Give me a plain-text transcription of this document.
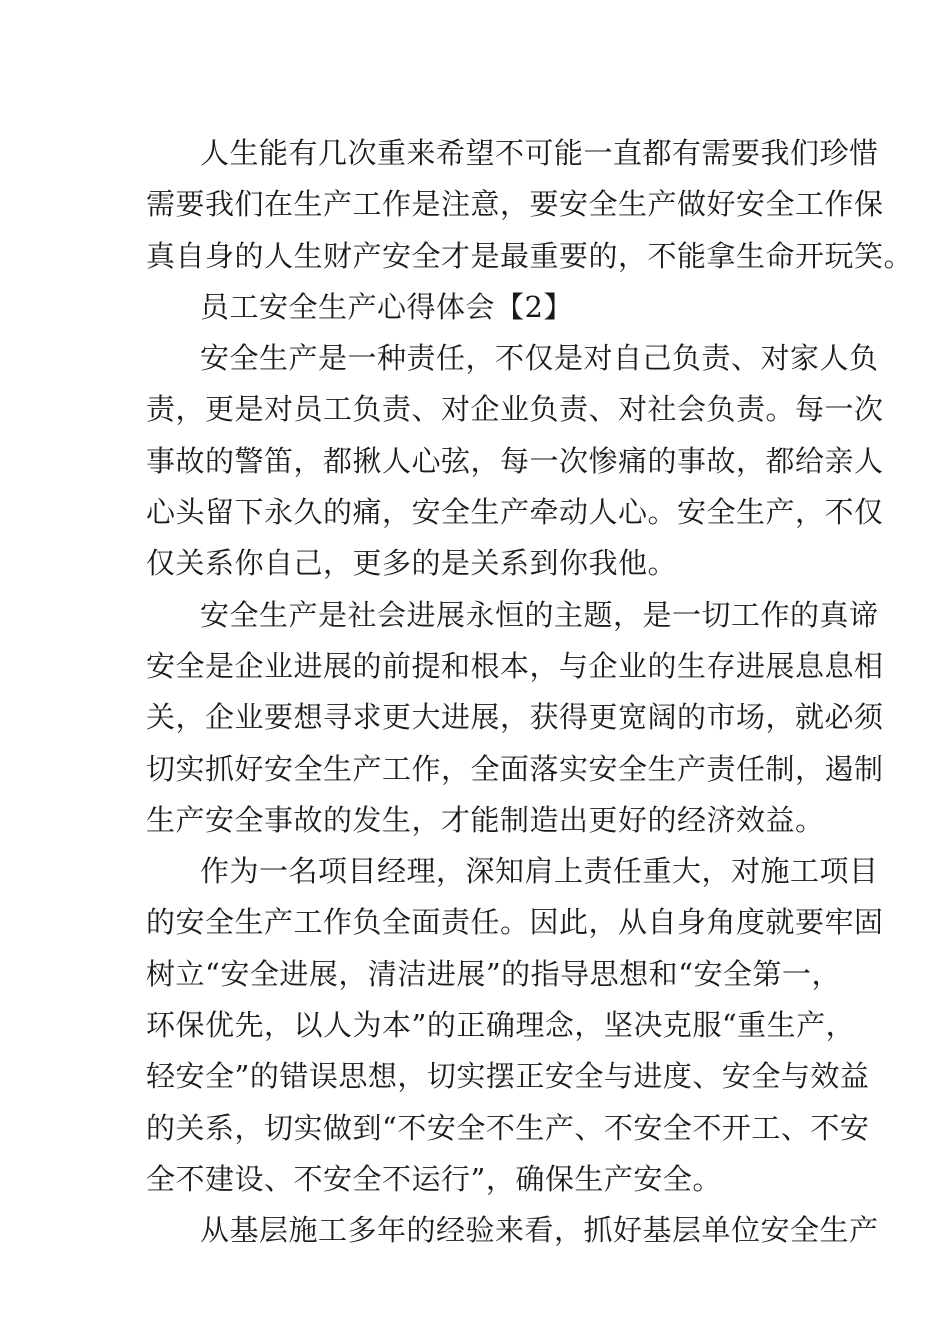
人生能有几次重来希望不可能一直都有需要我们珍惜
需要我们在生产工作是注意，要安全生产做好安全工作保
真自身的人生财产安全才是最重要的，不能拿生命开玩笑。
员工安全生产心得体会【2】
安全生产是一种责任，不仅是对自己负责、对家人负
责，更是对员工负责、对企业负责、对社会负责。每一次
事故的警笛，都揪人心弦，每一次惨痛的事故，都给亲人
心头留下永久的痛，安全生产牵动人心。安全生产，不仅
仅关系你自己，更多的是关系到你我他。
安全生产是社会进展永恒的主题，是一切工作的真谛
安全是企业进展的前提和根本，与企业的生存进展息息相
关，企业要想寻求更大进展，获得更宽阔的市场，就必须
切实抓好安全生产工作，全面落实安全生产责任制，遏制
生产安全事故的发生，才能制造出更好的经济效益。
作为一名项目经理，深知肩上责任重大，对施工项目
的安全生产工作负全面责任。因此，从自身角度就要牢固
树立“安全进展，清洁进展”的指导思想和“安全第一，
环保优先，以人为本”的正确理念，坚决克服“重生产，
轻安全”的错误思想，切实摆正安全与进度、安全与效益
的关系，切实做到“不安全不生产、不安全不开工、不安
全不建设、不安全不运行”，确保生产安全。
从基层施工多年的经验来看，抓好基层单位安全生产
